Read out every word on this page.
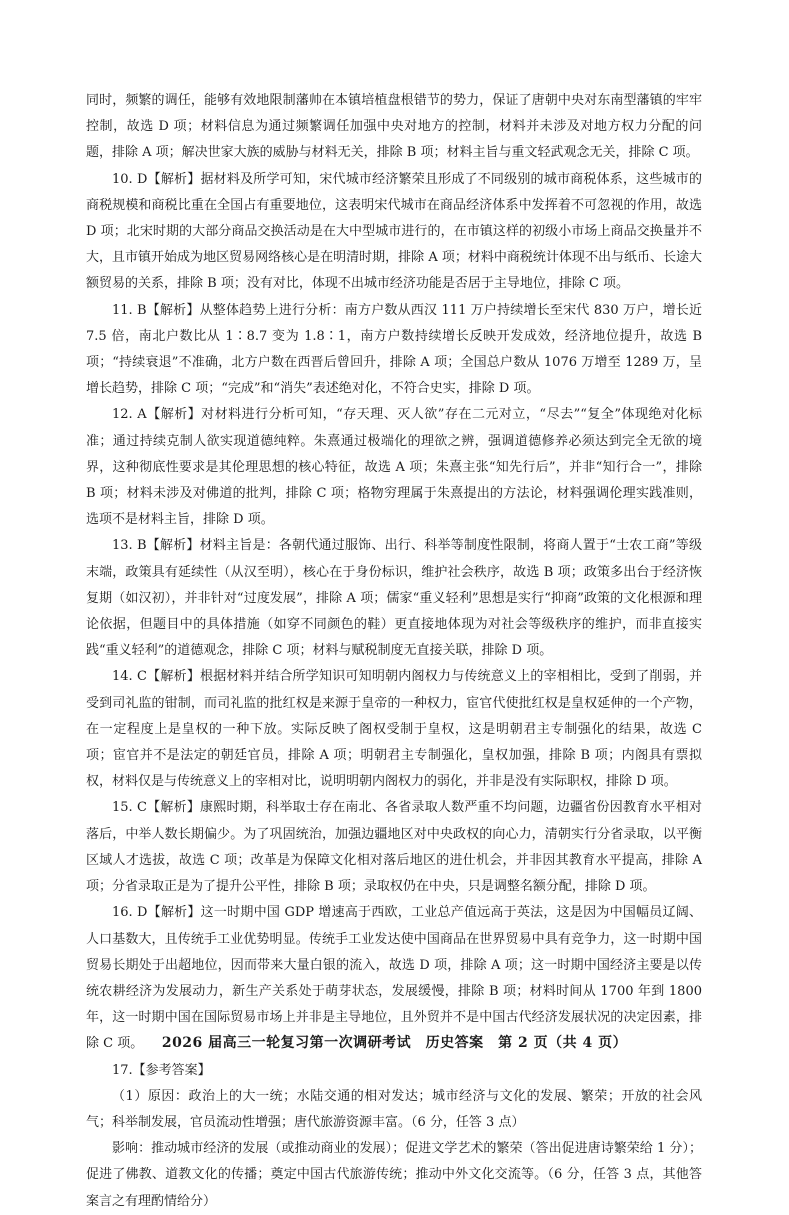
同时，频繁的调任，能够有效地限制藩帅在本镇培植盘根错节的势力，保证了唐朝中央对东南型藩镇的牢牢控制，故选 D 项；材料信息为通过频繁调任加强中央对地方的控制，材料并未涉及对地方权力分配的问题，排除 A 项；解决世家大族的威胁与材料无关，排除 B 项；材料主旨与重文轻武观念无关，排除 C 项。

10. D【解析】据材料及所学可知，宋代城市经济繁荣且形成了不同级别的城市商税体系，这些城市的商税规模和商税比重在全国占有重要地位，这表明宋代城市在商品经济体系中发挥着不可忽视的作用，故选 D 项；北宋时期的大部分商品交换活动是在大中型城市进行的，在市镇这样的初级小市场上商品交换量并不大，且市镇开始成为地区贸易网络核心是在明清时期，排除 A 项；材料中商税统计体现不出与纸币、长途大额贸易的关系，排除 B 项；没有对比，体现不出城市经济功能是否居于主导地位，排除 C 项。

11. B【解析】从整体趋势上进行分析：南方户数从西汉 111 万户持续增长至宋代 830 万户，增长近 7.5 倍，南北户数比从 1∶8.7 变为 1.8∶1，南方户数持续增长反映开发成效，经济地位提升，故选 B 项；“持续衰退”不准确，北方户数在西晋后曾回升，排除 A 项；全国总户数从 1076 万增至 1289 万，呈增长趋势，排除 C 项；“完成”和“消失”表述绝对化，不符合史实，排除 D 项。

12. A【解析】对材料进行分析可知，“存天理、灭人欲”存在二元对立，“尽去”“复全”体现绝对化标准；通过持续克制人欲实现道德纯粹。朱熹通过极端化的理欲之辨，强调道德修养必须达到完全无欲的境界，这种彻底性要求是其伦理思想的核心特征，故选 A 项；朱熹主张“知先行后”，并非“知行合一”，排除 B 项；材料未涉及对佛道的批判，排除 C 项；格物穷理属于朱熹提出的方法论，材料强调伦理实践准则，选项不是材料主旨，排除 D 项。

13. B【解析】材料主旨是：各朝代通过服饰、出行、科举等制度性限制，将商人置于“士农工商”等级末端，政策具有延续性（从汉至明），核心在于身份标识，维护社会秩序，故选 B 项；政策多出台于经济恢复期（如汉初），并非针对“过度发展”，排除 A 项；儒家“重义轻利”思想是实行“抑商”政策的文化根源和理论依据，但题目中的具体措施（如穿不同颜色的鞋）更直接地体现为对社会等级秩序的维护，而非直接实践“重义轻利”的道德观念，排除 C 项；材料与赋税制度无直接关联，排除 D 项。

14. C【解析】根据材料并结合所学知识可知明朝内阁权力与传统意义上的宰相相比，受到了削弱，并受到司礼监的钳制，而司礼监的批红权是来源于皇帝的一种权力，宦官代使批红权是皇权延伸的一个产物，在一定程度上是皇权的一种下放。实际反映了阁权受制于皇权，这是明朝君主专制强化的结果，故选 C 项；宦官并不是法定的朝廷官员，排除 A 项；明朝君主专制强化，皇权加强，排除 B 项；内阁具有票拟权，材料仅是与传统意义上的宰相对比，说明明朝内阁权力的弱化，并非是没有实际职权，排除 D 项。

15. C【解析】康熙时期，科举取士存在南北、各省录取人数严重不均问题，边疆省份因教育水平相对落后，中举人数长期偏少。为了巩固统治，加强边疆地区对中央政权的向心力，清朝实行分省录取，以平衡区域人才选拔，故选 C 项；改革是为保障文化相对落后地区的进仕机会，并非因其教育水平提高，排除 A 项；分省录取正是为了提升公平性，排除 B 项；录取权仍在中央，只是调整名额分配，排除 D 项。

16. D【解析】这一时期中国 GDP 增速高于西欧，工业总产值远高于英法，这是因为中国幅员辽阔、人口基数大，且传统手工业优势明显。传统手工业发达使中国商品在世界贸易中具有竞争力，这一时期中国贸易长期处于出超地位，因而带来大量白银的流入，故选 D 项，排除 A 项；这一时期中国经济主要是以传统农耕经济为发展动力，新生产关系处于萌芽状态，发展缓慢，排除 B 项；材料时间从 1700 年到 1800 年，这一时期中国在国际贸易市场上并非是主导地位，且外贸并不是中国古代经济发展状况的决定因素，排除 C 项。

17.【参考答案】

（1）原因：政治上的大一统；水陆交通的相对发达；城市经济与文化的发展、繁荣；开放的社会风气；科举制发展，官员流动性增强；唐代旅游资源丰富。（6 分，任答 3 点）

影响：推动城市经济的发展（或推动商业的发展）；促进文学艺术的繁荣（答出促进唐诗繁荣给 1 分）；促进了佛教、道教文化的传播；奠定中国古代旅游传统；推动中外文化交流等。（6 分，任答 3 点，其他答案言之有理酌情给分）

2026 届高三一轮复习第一次调研考试　历史答案　第 2 页（共 4 页）
